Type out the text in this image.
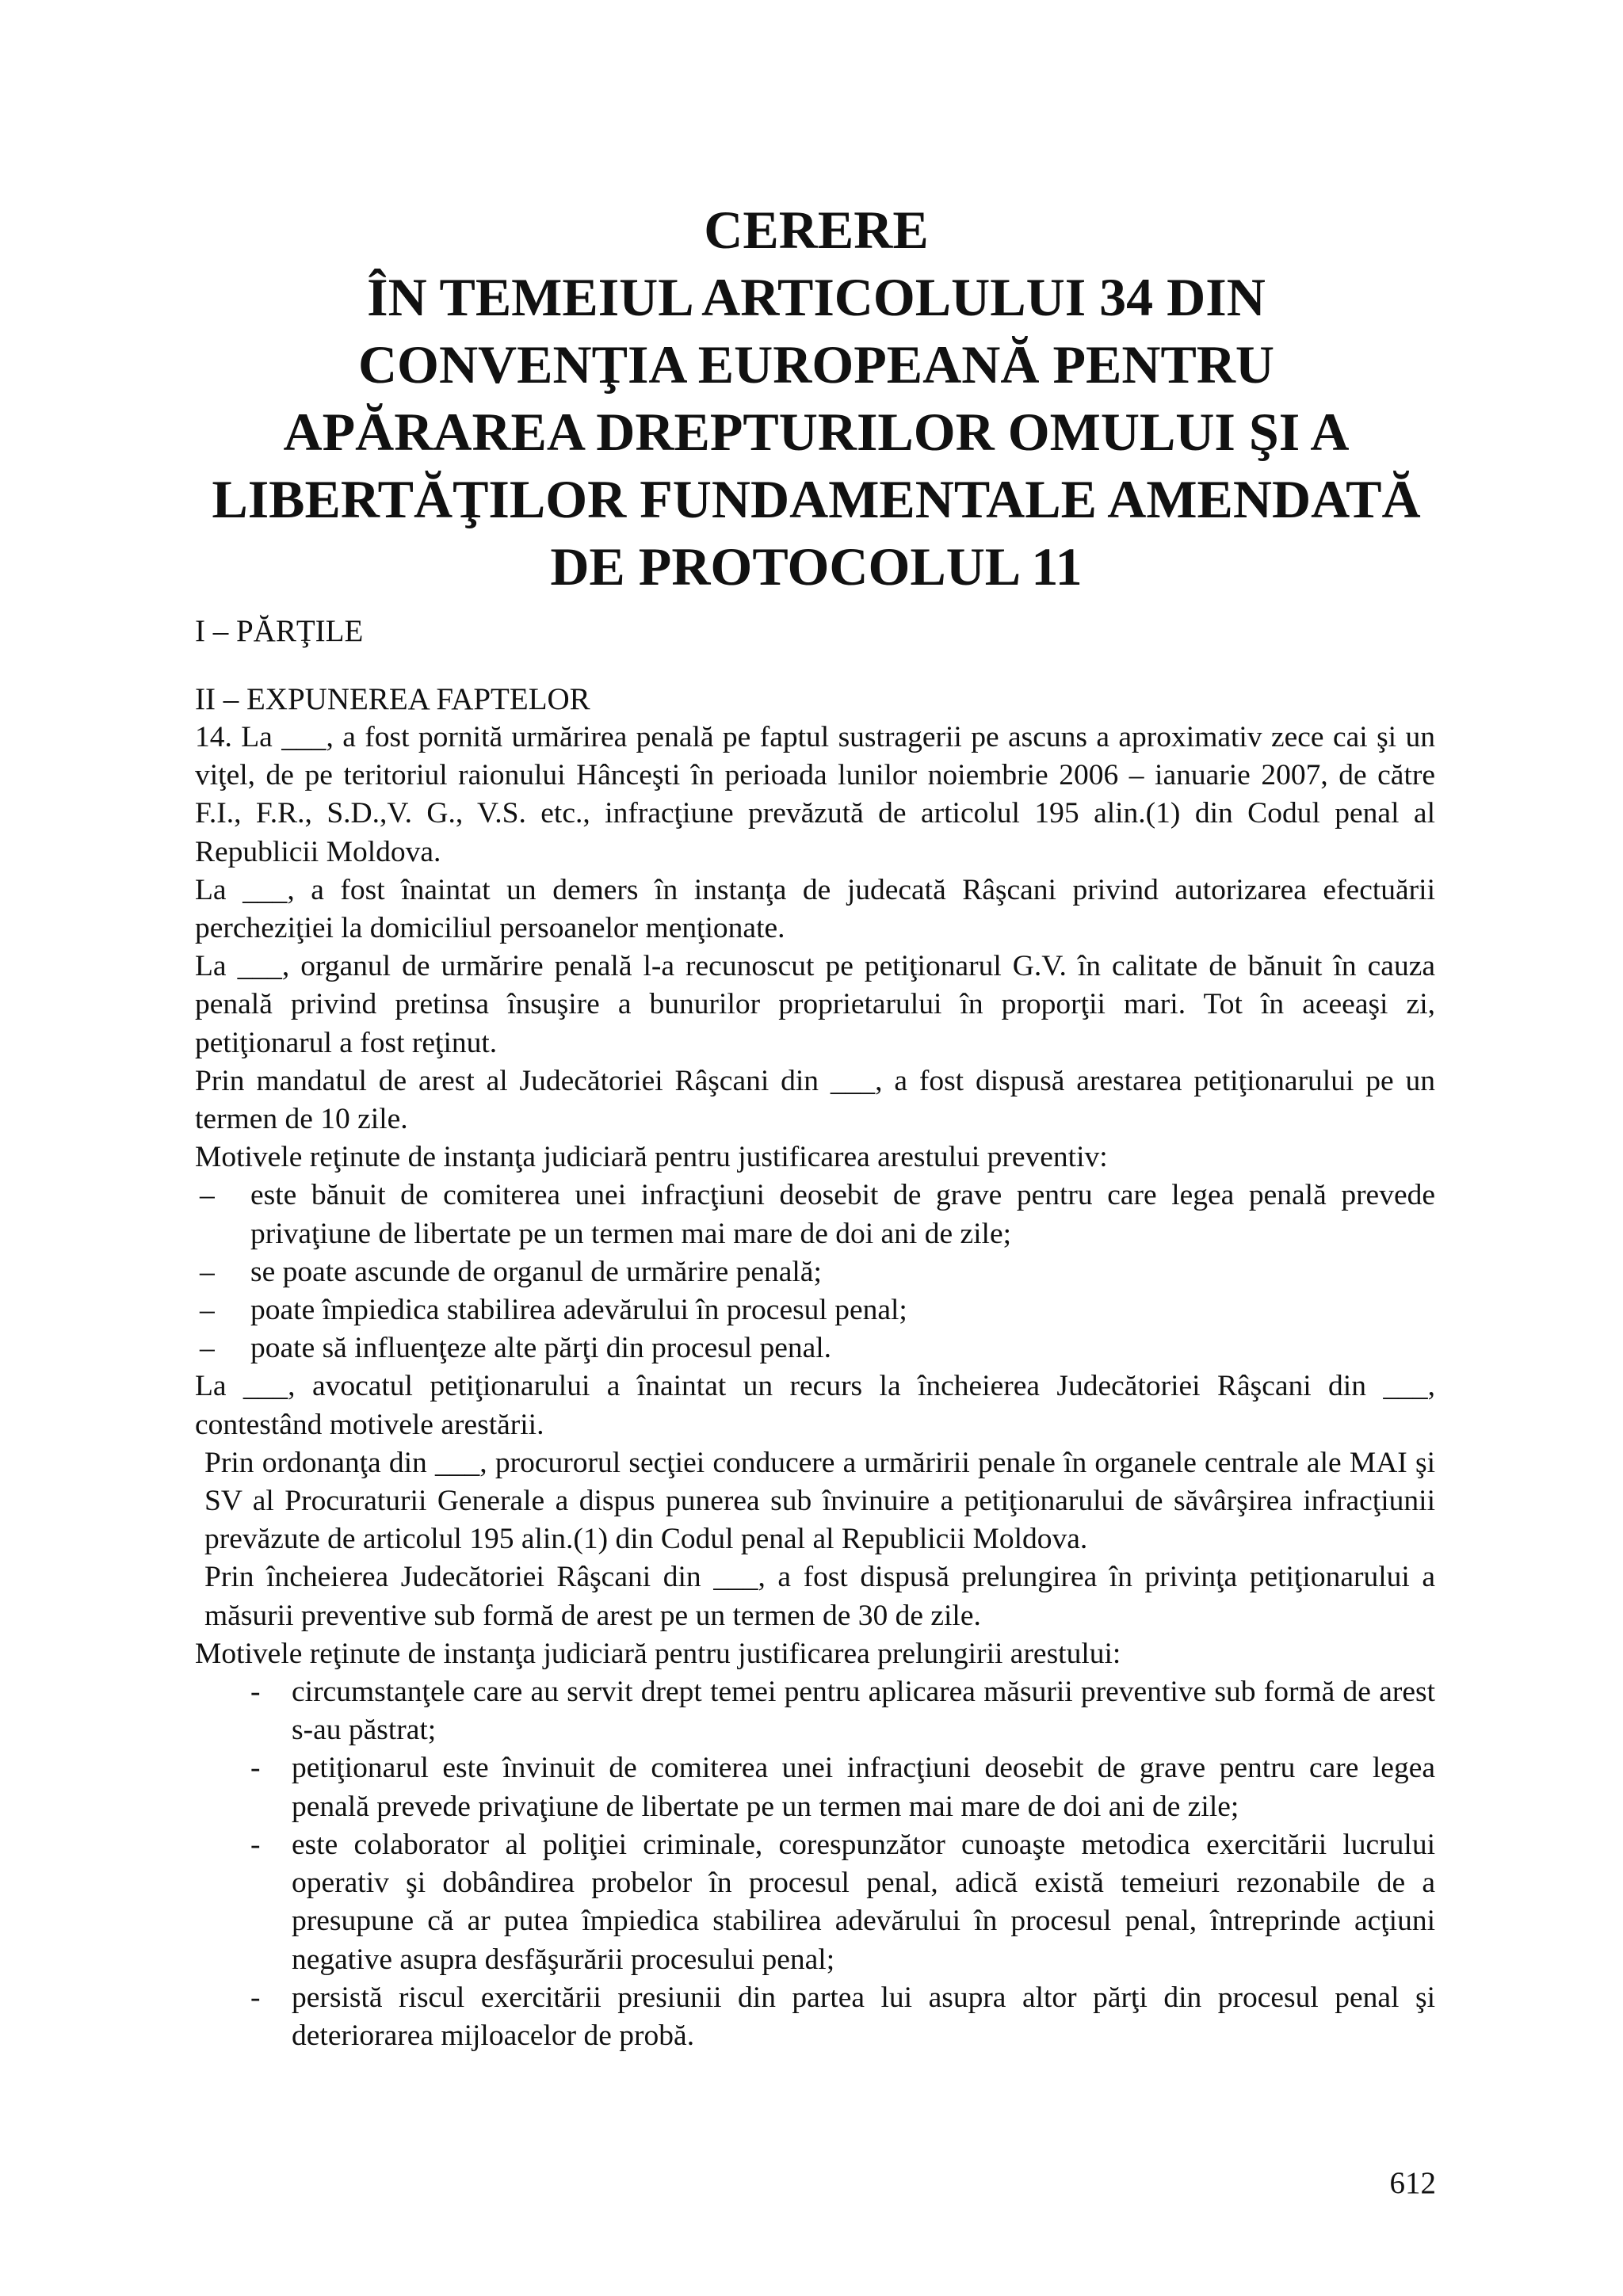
CERERE
ÎN TEMEIUL ARTICOLULUI 34 DIN
CONVENŢIA EUROPEANĂ PENTRU
APĂRAREA DREPTURILOR OMULUI ŞI A
LIBERTĂŢILOR FUNDAMENTALE AMENDATĂ
DE PROTOCOLUL 11
I – PĂRŢILE
II – EXPUNEREA FAPTELOR

14. La ___, a fost pornită urmărirea penală pe faptul sustragerii pe ascuns a aproximativ zece cai şi un viţel, de pe teritoriul raionului Hânceşti în perioada lunilor noiembrie 2006 – ianuarie 2007, de către F.I., F.R., S.D.,V. G., V.S. etc., infracţiune prevăzută de articolul 195 alin.(1) din Codul penal al Republicii Moldova.

La ___, a fost înaintat un demers în instanţa de judecată Râşcani privind autorizarea efectuării percheziţiei la domiciliul persoanelor menţionate.

La ___, organul de urmărire penală l-a recunoscut pe petiţionarul G.V. în calitate de bănuit în cauza penală privind pretinsa însuşire a bunurilor proprietarului în proporţii mari. Tot în aceeaşi zi, petiţionarul a fost reţinut.

Prin mandatul de arest al Judecătoriei Râşcani din ___, a fost dispusă arestarea petiţionarului pe un termen de 10 zile.

Motivele reţinute de instanţa judiciară pentru justificarea arestului preventiv:

– este bănuit de comiterea unei infracţiuni deosebit de grave pentru care legea penală prevede privaţiune de libertate pe un termen mai mare de doi ani de zile;
– se poate ascunde de organul de urmărire penală;
– poate împiedica stabilirea adevărului în procesul penal;
– poate să influenţeze alte părţi din procesul penal.

La ___, avocatul petiţionarului a înaintat un recurs la încheierea Judecătoriei Râşcani din ___, contestând motivele arestării.

Prin ordonanţa din ___, procurorul secţiei conducere a urmăririi penale în organele centrale ale MAI şi SV al Procuraturii Generale a dispus punerea sub învinuire a petiţionarului de săvârşirea infracţiunii prevăzute de articolul 195 alin.(1) din Codul penal al Republicii Moldova.

Prin încheierea Judecătoriei Râşcani din ___, a fost dispusă prelungirea în privinţa petiţionarului a măsurii preventive sub formă de arest pe un termen de 30 de zile.

Motivele reţinute de instanţa judiciară pentru justificarea prelungirii arestului:

- circumstanţele care au servit drept temei pentru aplicarea măsurii preventive sub formă de arest s-au păstrat;
- petiţionarul este învinuit de comiterea unei infracţiuni deosebit de grave pentru care legea penală prevede privaţiune de libertate pe un termen mai mare de doi ani de zile;
- este colaborator al poliţiei criminale, corespunzător cunoaşte metodica exercitării lucrului operativ şi dobândirea probelor în procesul penal, adică există temeiuri rezonabile de a presupune că ar putea împiedica stabilirea adevărului în procesul penal, întreprinde acţiuni negative asupra desfăşurării procesului penal;
- persistă riscul exercitării presiunii din partea lui asupra altor părţi din procesul penal şi deteriorarea mijloacelor de probă.
612
